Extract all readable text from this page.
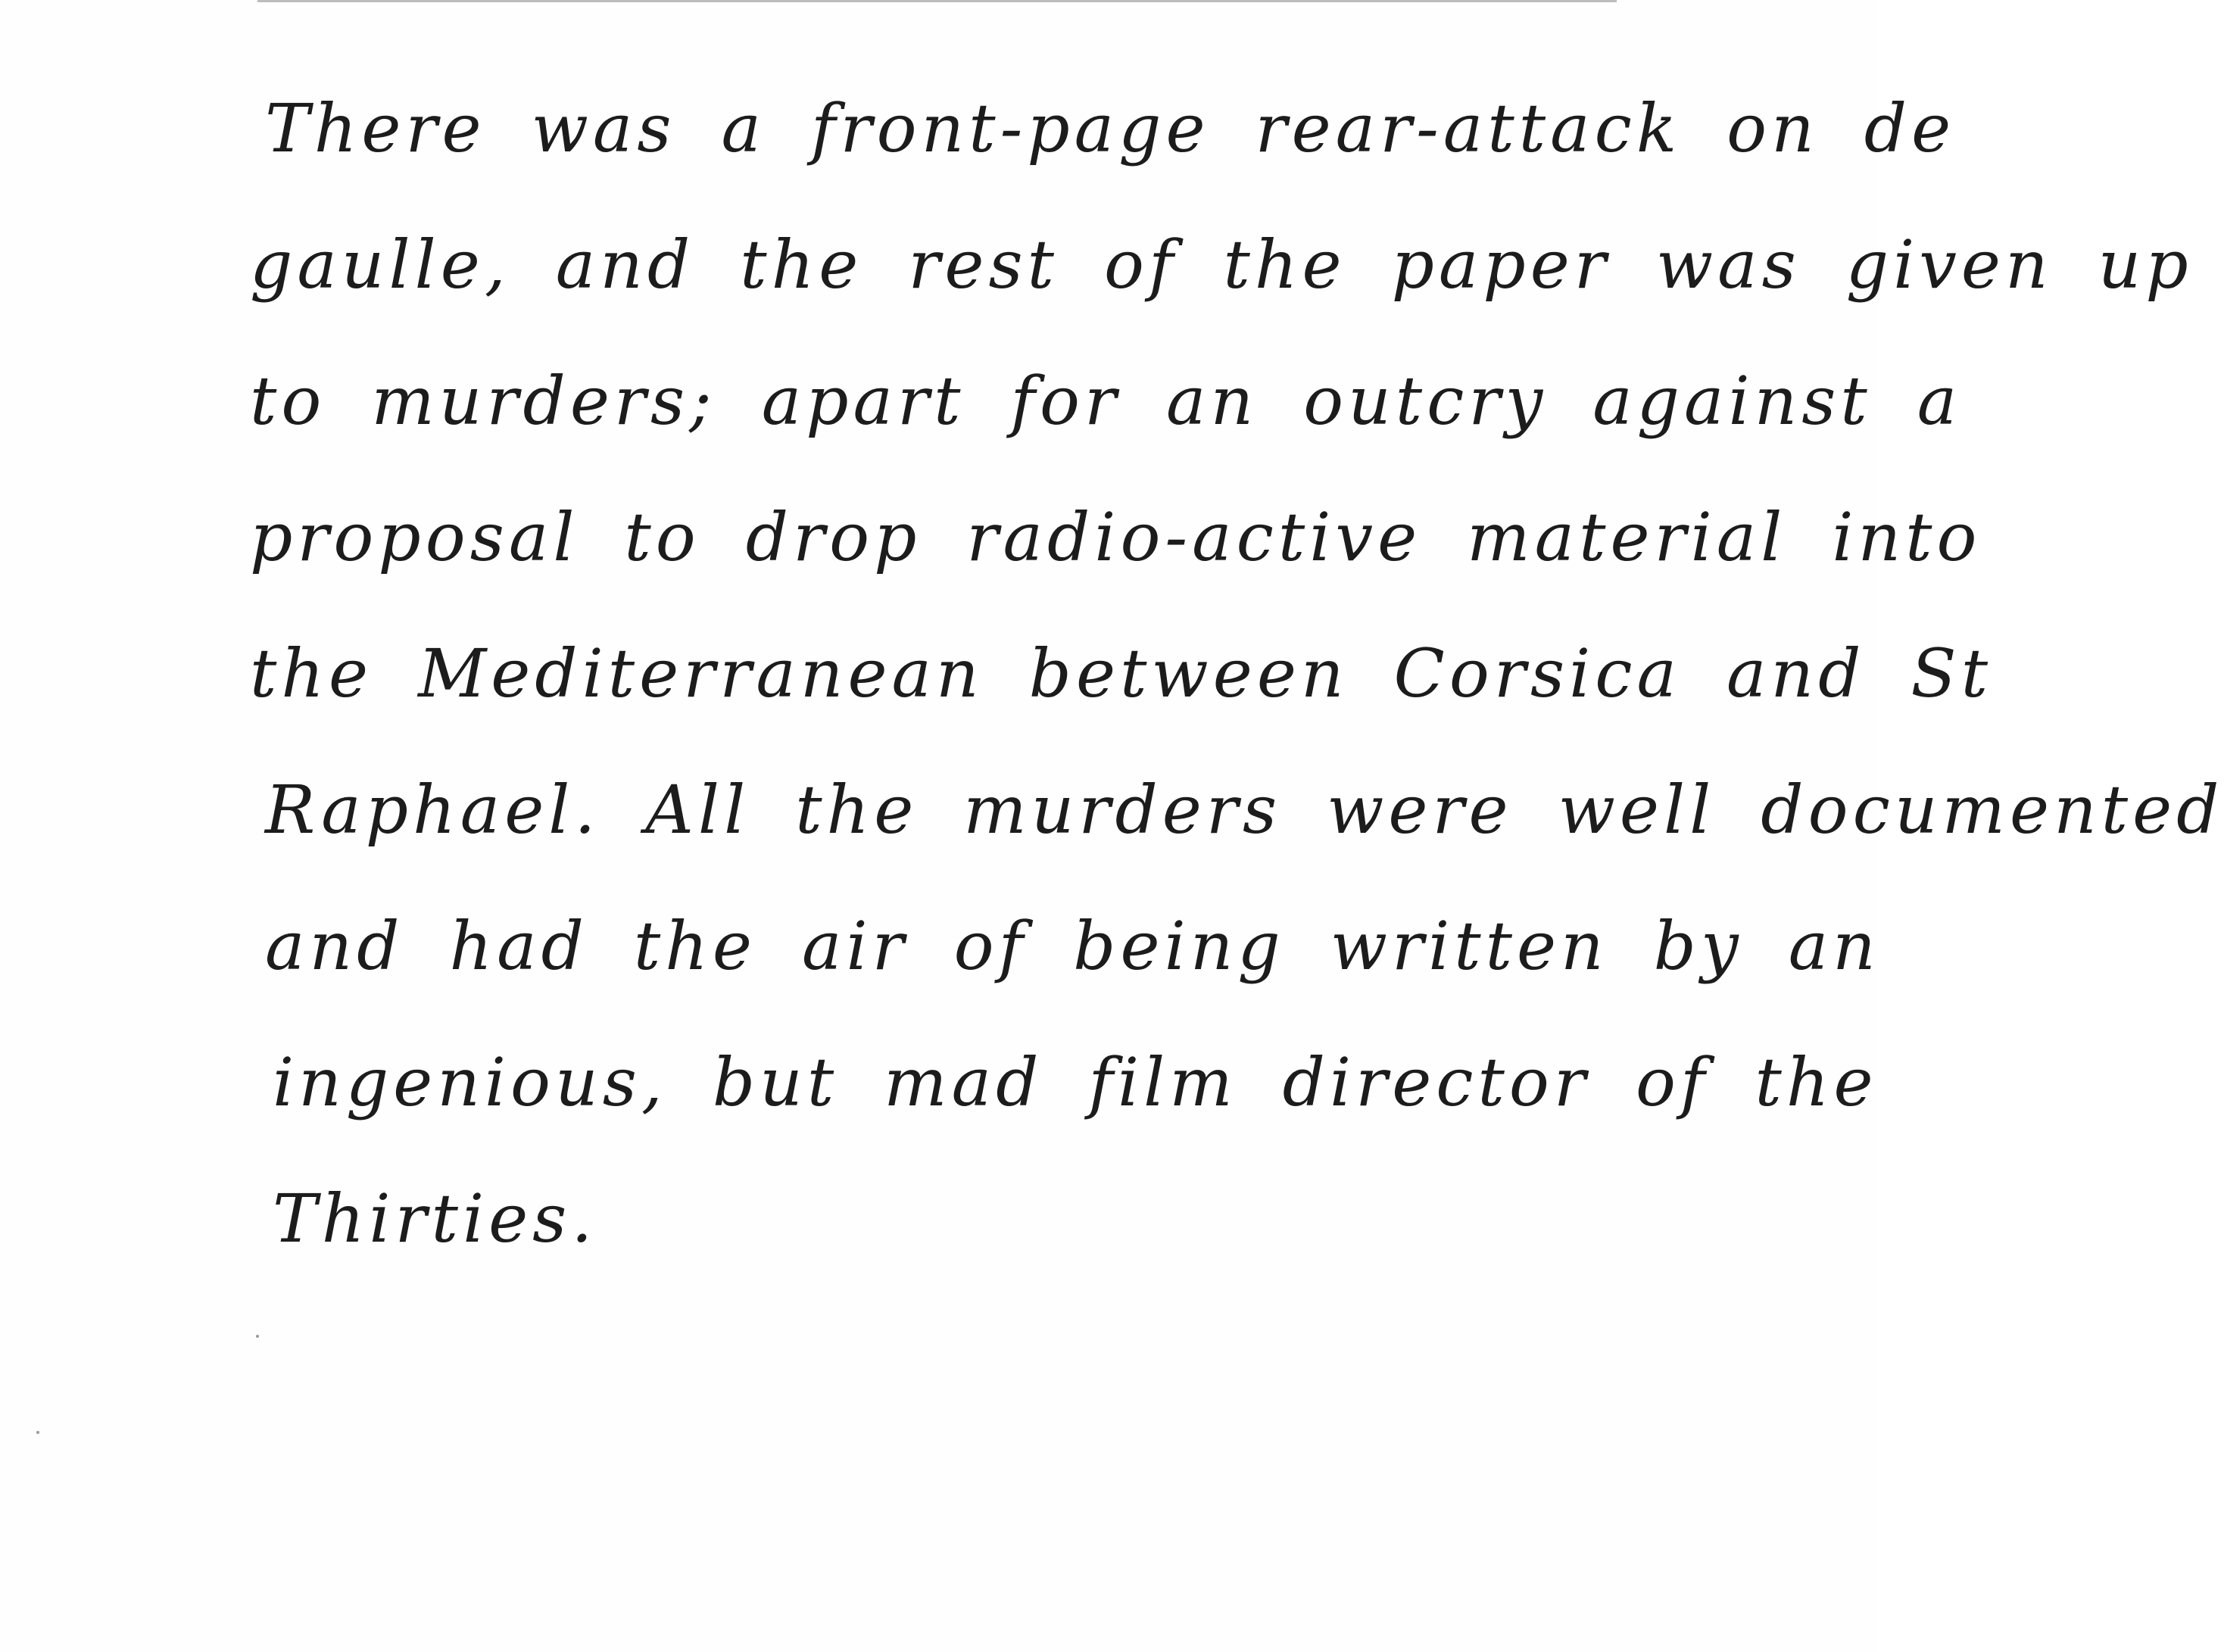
There was a front-page rear-attack on de
gaulle, and the rest of the paper was given up
to murders; apart for an outcry against a
proposal to drop radio-active material into
the Mediterranean between Corsica and St
Raphael. All the murders were well documented
and had the air of being written by an
ingenious, but mad film director of the
Thirties.
